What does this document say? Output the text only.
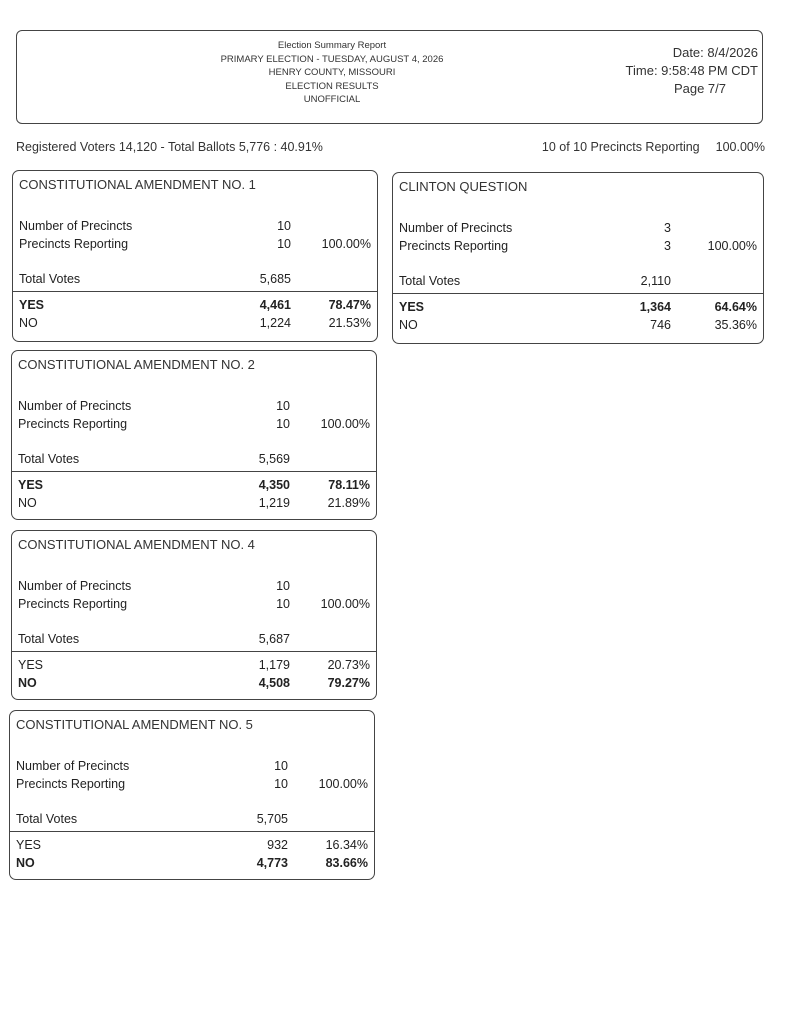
Election Summary Report
PRIMARY ELECTION - TUESDAY, AUGUST 4, 2026
HENRY COUNTY, MISSOURI
ELECTION RESULTS
UNOFFICIAL
Date: 8/4/2026
Time: 9:58:48 PM CDT
Page 7/7
Registered Voters 14,120 - Total Ballots 5,776 : 40.91%	10 of 10 Precincts Reporting 100.00%
CONSTITUTIONAL AMENDMENT NO. 1
Number of Precincts	10
Precincts Reporting	10 100.00%
Total Votes	5,685
YES	4,461	78.47%
NO	1,224	21.53%
CONSTITUTIONAL AMENDMENT NO. 2
Number of Precincts	10
Precincts Reporting	10 100.00%
Total Votes	5,569
YES	4,350	78.11%
NO	1,219	21.89%
CONSTITUTIONAL AMENDMENT NO. 4
Number of Precincts	10
Precincts Reporting	10 100.00%
Total Votes	5,687
YES	1,179	20.73%
NO	4,508	79.27%
CONSTITUTIONAL AMENDMENT NO. 5
Number of Precincts	10
Precincts Reporting	10 100.00%
Total Votes	5,705
YES	932	16.34%
NO	4,773	83.66%
CLINTON QUESTION
Number of Precincts	3
Precincts Reporting	3	100.00%
Total Votes	2,110
YES	1,364	64.64%
NO	746	35.36%
